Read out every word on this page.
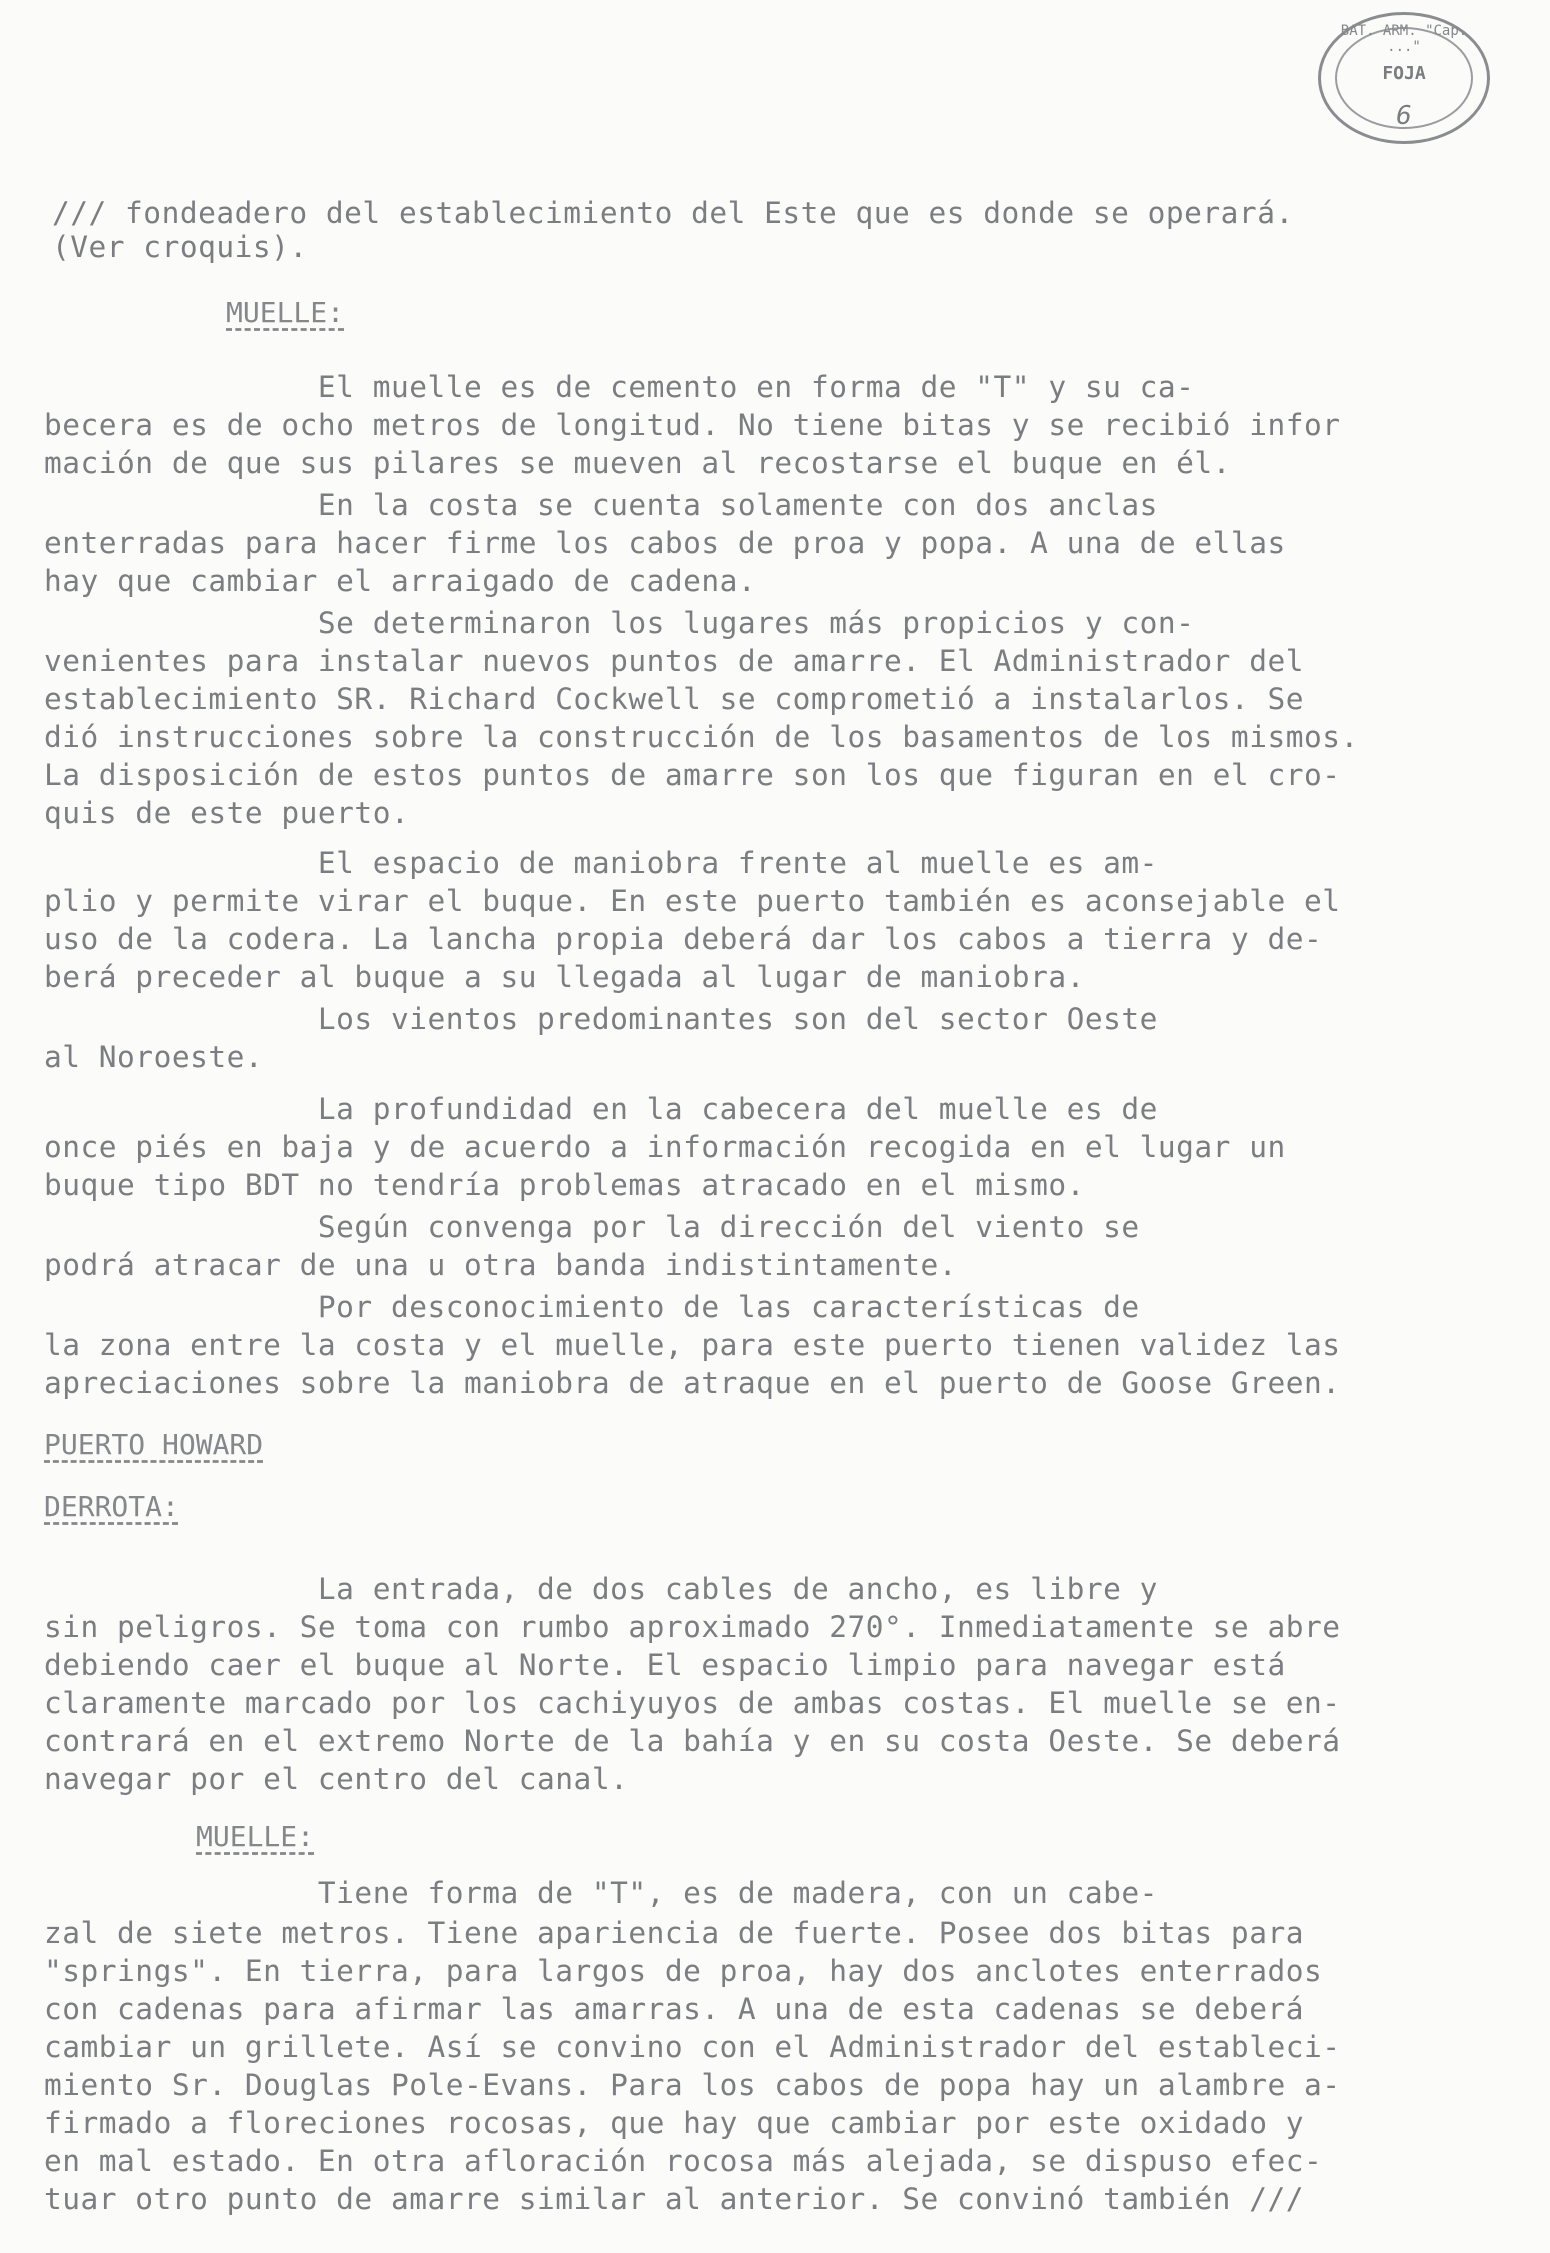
BAT. ARM. "Cap. ..."
FOJA
6
/// fondeadero del establecimiento del Este que es donde se operará.
(Ver croquis).
MUELLE:
El muelle es de cemento en forma de "T" y su ca-
becera es de ocho metros de longitud. No tiene bitas y se recibió infor
mación de que sus pilares se mueven al recostarse el buque en él.
En la costa se cuenta solamente con dos anclas
enterradas para hacer firme los cabos de proa y popa. A una de ellas
hay que cambiar el arraigado de cadena.
Se determinaron los lugares más propicios y con-
venientes para instalar nuevos puntos de amarre. El Administrador del
establecimiento SR. Richard Cockwell se comprometió a instalarlos. Se
dió instrucciones sobre la construcción de los basamentos de los mismos.
La disposición de estos puntos de amarre son los que figuran en el cro-
quis de este puerto.
El espacio de maniobra frente al muelle es am-
plio y permite virar el buque. En este puerto también es aconsejable el
uso de la codera. La lancha propia deberá dar los cabos a tierra y de-
berá preceder al buque a su llegada al lugar de maniobra.
Los vientos predominantes son del sector Oeste
al Noroeste.
La profundidad en la cabecera del muelle es de
once piés en baja y de acuerdo a información recogida en el lugar un
buque tipo BDT no tendría problemas atracado en el mismo.
Según convenga por la dirección del viento se
podrá atracar de una u otra banda indistintamente.
Por desconocimiento de las características de
la zona entre la costa y el muelle, para este puerto tienen validez las
apreciaciones sobre la maniobra de atraque en el puerto de Goose Green.
PUERTO HOWARD
DERROTA:
La entrada, de dos cables de ancho, es libre y
sin peligros. Se toma con rumbo aproximado 270°. Inmediatamente se abre
debiendo caer el buque al Norte. El espacio limpio para navegar está
claramente marcado por los cachiyuyos de ambas costas. El muelle se en-
contrará en el extremo Norte de la bahía y en su costa Oeste. Se deberá
navegar por el centro del canal.
MUELLE:
Tiene forma de "T", es de madera, con un cabe-
zal de siete metros. Tiene apariencia de fuerte. Posee dos bitas para
"springs". En tierra, para largos de proa, hay dos anclotes enterrados
con cadenas para afirmar las amarras. A una de esta cadenas se deberá
cambiar un grillete. Así se convino con el Administrador del estableci-
miento Sr. Douglas Pole-Evans. Para los cabos de popa hay un alambre a-
firmado a floreciones rocosas, que hay que cambiar por este oxidado y
en mal estado. En otra afloración rocosa más alejada, se dispuso efec-
tuar otro punto de amarre similar al anterior. Se convinó también ///
